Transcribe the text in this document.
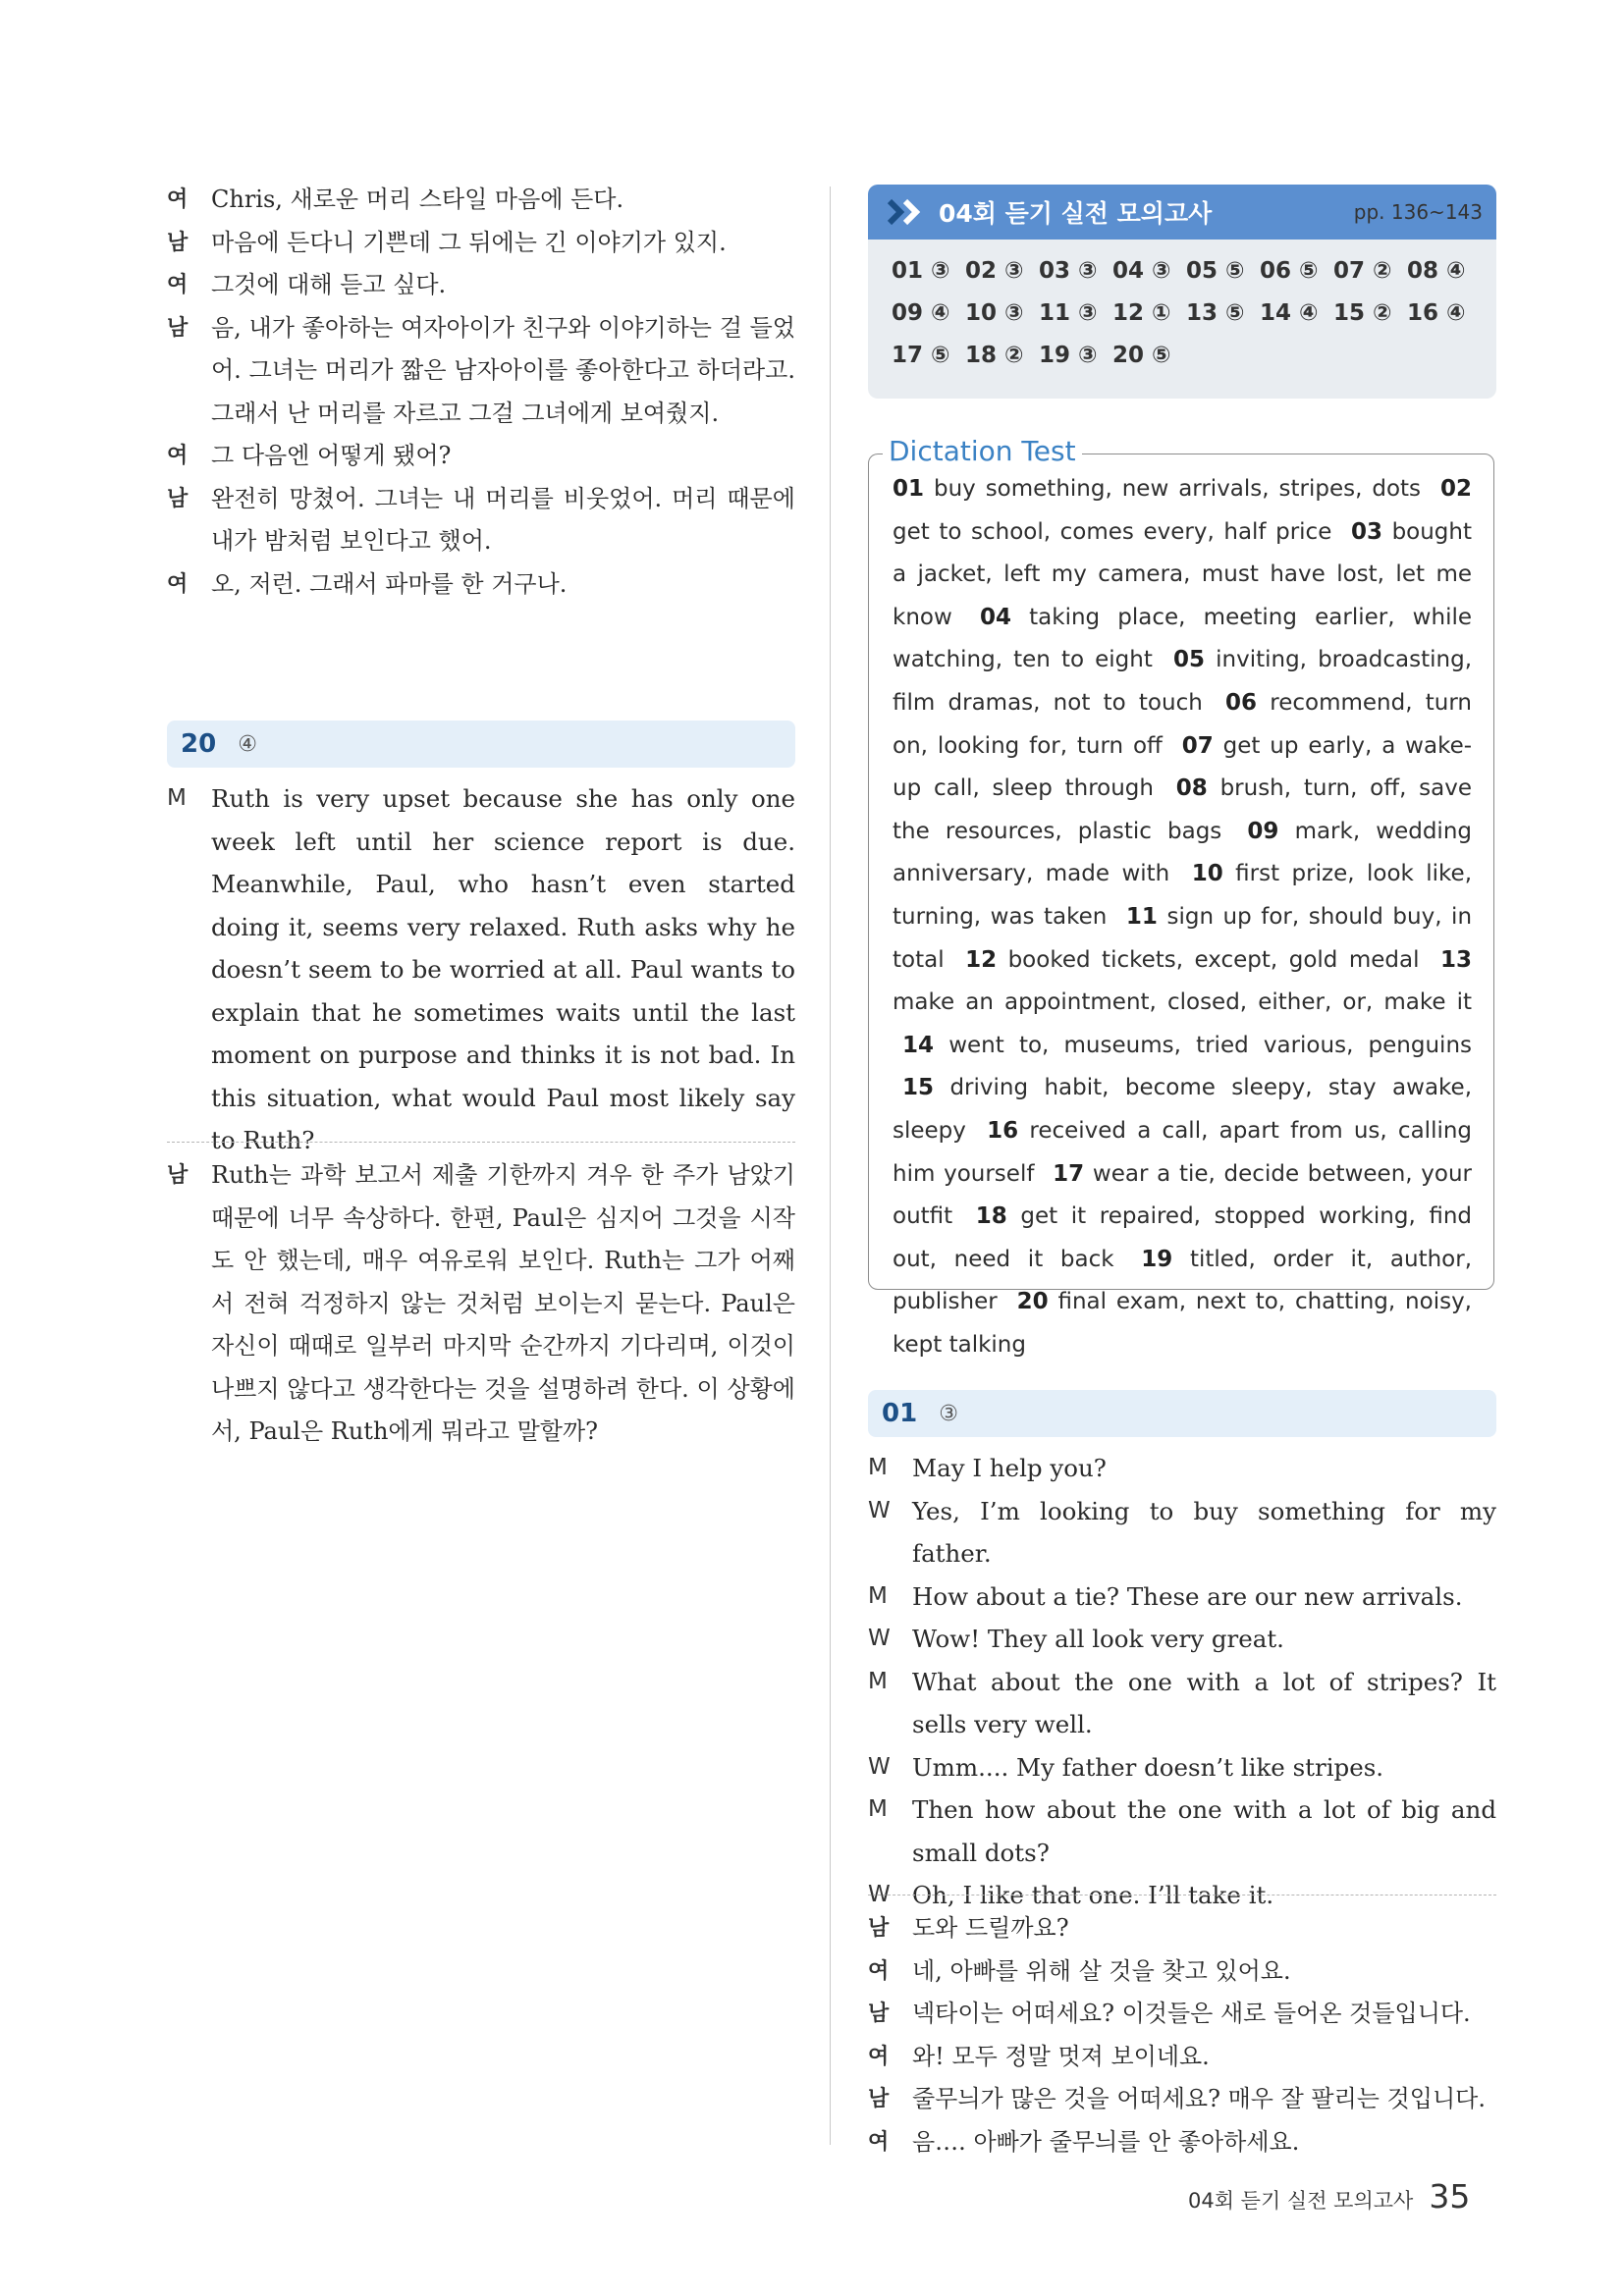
여 Chris, 새로운 머리 스타일 마음에 든다.
남 마음에 든다니 기쁜데 그 뒤에는 긴 이야기가 있지.
여 그것에 대해 듣고 싶다.
남 음, 내가 좋아하는 여자아이가 친구와 이야기하는 걸 들었어. 그녀는 머리가 짧은 남자아이를 좋아한다고 하더라고. 그래서 난 머리를 자르고 그걸 그녀에게 보여줬지.
여 그 다음엔 어떻게 됐어?
남 완전히 망쳤어. 그녀는 내 머리를 비웃었어. 머리 때문에 내가 밤처럼 보인다고 했어.
여 오, 저런. 그래서 파마를 한 거구나.
20 ④
M	Ruth is very upset because she has only one week left until her science report is due. Meanwhile, Paul, who hasn’t even started doing it, seems very relaxed. Ruth asks why he doesn’t seem to be worried at all. Paul wants to explain that he sometimes waits until the last moment on purpose and thinks it is not bad. In this situation, what would Paul most likely say to Ruth?
남 Ruth는 과학 보고서 제출 기한까지 겨우 한 주가 남았기 때문에 너무 속상하다. 한편, Paul은 심지어 그것을 시작도 안 했는데, 매우 여유로워 보인다. Ruth는 그가 어째서 전혀 걱정하지 않는 것처럼 보이는지 묻는다. Paul은 자신이 때때로 일부러 마지막 순간까지 기다리며, 이것이 나쁘지 않다고 생각한다는 것을 설명하려 한다. 이 상황에서, Paul은 Ruth에게 뭐라고 말할까?
04회 듣기 실전 모의고사	pp. 136~143
01 ③ 02 ③ 03 ③ 04 ③ 05 ⑤ 06 ⑤ 07 ② 08 ④
09 ④ 10 ③ 11 ③ 12 ① 13 ⑤ 14 ④ 15 ② 16 ④
17 ⑤ 18 ② 19 ③ 20 ⑤
Dictation Test
01 buy something, new arrivals, stripes, dots 02 get to school, comes every, half price 03 bought a jacket, left my camera, must have lost, let me know 04 taking place, meeting earlier, while watching, ten to eight 05 inviting, broadcasting, film dramas, not to touch 06 recommend, turn on, looking for, turn off 07 get up early, a wake-up call, sleep through 08 brush, turn, off, save the resources, plastic bags 09 mark, wedding anniversary, made with 10 first prize, look like, turning, was taken 11 sign up for, should buy, in total 12 booked tickets, except, gold medal 13 make an appointment, closed, either, or, make it 14 went to, museums, tried various, penguins 15 driving habit, become sleepy, stay awake, sleepy 16 received a call, apart from us, calling him yourself 17 wear a tie, decide between, your outfit 18 get it repaired, stopped working, find out, need it back 19 titled, order it, author, publisher 20 final exam, next to, chatting, noisy, kept talking
01 ③
M	May I help you?
W Yes, I’m looking to buy something for my father.
M	How about a tie? These are our new arrivals.
W Wow! They all look very great.
M	What about the one with a lot of stripes? It sells very well.
W Umm.... My father doesn’t like stripes.
M	Then how about the one with a lot of big and small dots?
W Oh, I like that one. I’ll take it.
남 도와 드릴까요?
여 네, 아빠를 위해 살 것을 찾고 있어요.
남 넥타이는 어떠세요? 이것들은 새로 들어온 것들입니다.
여 와! 모두 정말 멋져 보이네요.
남 줄무늬가 많은 것을 어떠세요? 매우 잘 팔리는 것입니다.
여 음…. 아빠가 줄무늬를 안 좋아하세요.
04회 듣기 실전 모의고사 35
